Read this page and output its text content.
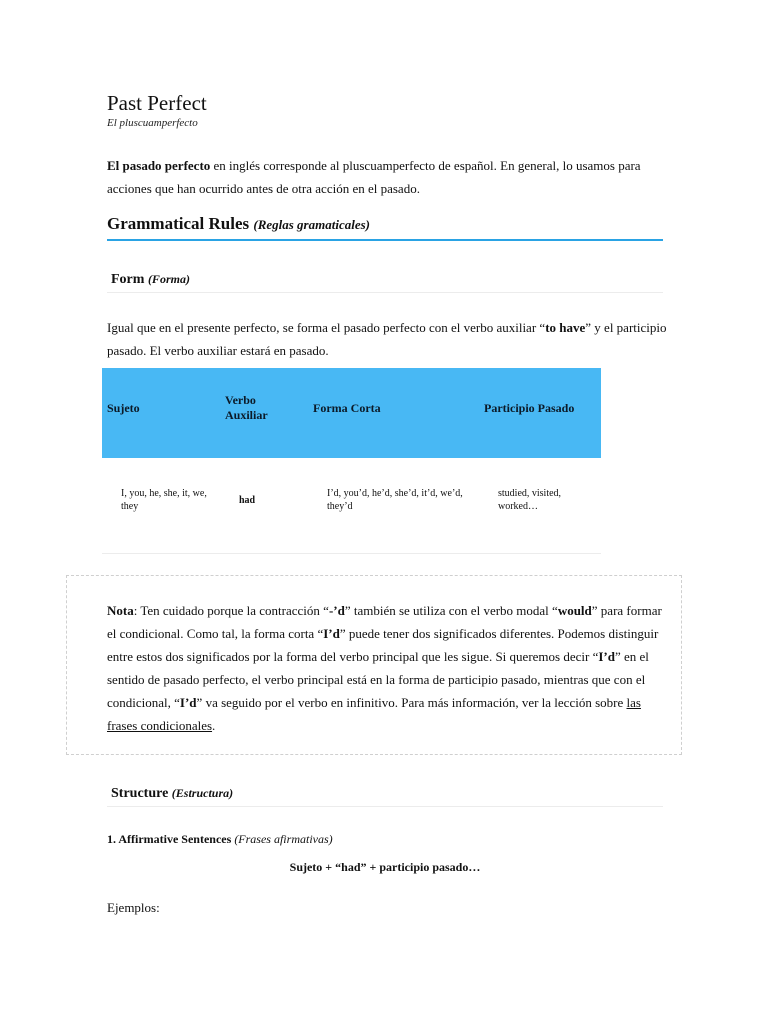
Past Perfect
El pluscuamperfecto
El pasado perfecto en inglés corresponde al pluscuamperfecto de español. En general, lo usamos para acciones que han ocurrido antes de otra acción en el pasado.
Grammatical Rules (Reglas gramaticales)
Form (Forma)
Igual que en el presente perfecto, se forma el pasado perfecto con el verbo auxiliar “to have” y el participio pasado. El verbo auxiliar estará en pasado.
Sujeto
Verbo Auxiliar	Forma Corta	Participio Pasado
I, you, he, she, it, we, they
had
I’d, you’d, he’d, she’d, it’d, we’d, they’d
studied, visited, worked…
Nota: Ten cuidado porque la contracción “-’d” también se utiliza con el verbo modal “would” para formar el condicional. Como tal, la forma corta “I’d” puede tener dos significados diferentes. Podemos distinguir entre estos dos significados por la forma del verbo principal que les sigue. Si queremos decir “I’d” en el sentido de pasado perfecto, el verbo principal está en la forma de participio pasado, mientras que con el condicional, “I’d” va seguido por el verbo en infinitivo. Para más información, ver la lección sobre las frases condicionales.
Structure (Estructura)
1. Affirmative Sentences (Frases afirmativas)
Sujeto + “had” + participio pasado…
Ejemplos:
